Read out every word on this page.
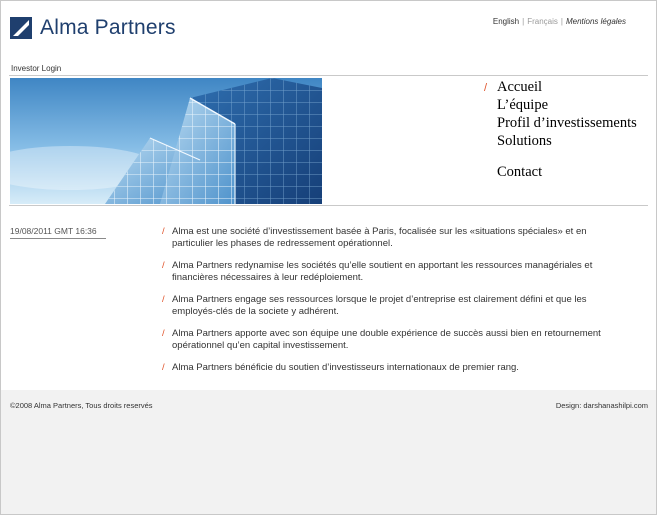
Alma Partners	English | Français | Mentions légales
Investor Login
/ Accueil
L’équipe
Profil d’investissements
Solutions
Contact
19/08/2011 GMT 16:36	/ Alma est une société d’investissement basée à Paris, focalisée sur les «situations spéciales» et en particulier les phases de redressement opérationnel.
/ Alma Partners redynamise les sociétés qu’elle soutient en apportant les ressources managériales et financières nécessaires à leur redéploiement.
/ Alma Partners engage ses ressources lorsque le projet d’entreprise est clairement défini et que les employés-clés de la societe y adhérent.
/ Alma Partners apporte avec son équipe une double expérience de succès aussi bien en retournement opérationnel qu’en capital investissement.
/ Alma Partners bénéficie du soutien d’investisseurs internationaux de premier rang.
©2008 Alma Partners, Tous droits reservés	Design: darshanashilpi.com
